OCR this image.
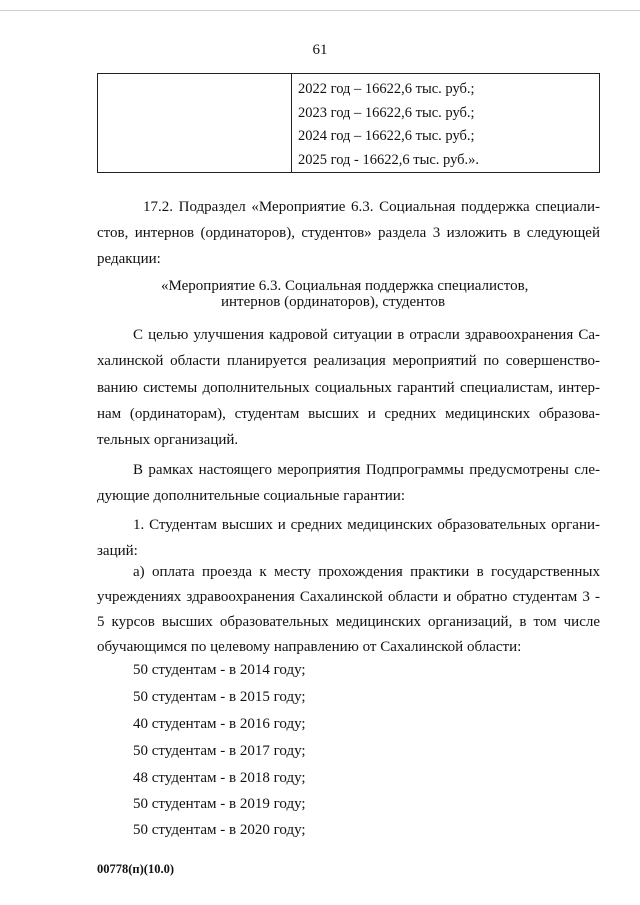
61

2022 год – 16622,6 тыс. руб.;
2023 год – 16622,6 тыс. руб.;
2024 год – 16622,6 тыс. руб.;
2025 год - 16622,6 тыс. руб.».
17.2. Подраздел «Мероприятие 6.3. Социальная поддержка специали-
стов, интернов (ординаторов), студентов» раздела 3 изложить в следующей
редакции:
«Мероприятие 6.3. Социальная поддержка специалистов,
интернов (ординаторов), студентов
С целью улучшения кадровой ситуации в отрасли здравоохранения Са-
халинской области планируется реализация мероприятий по совершенство-
ванию системы дополнительных социальных гарантий специалистам, интер-
нам (ординаторам), студентам высших и средних медицинских образова-
тельных организаций.
В рамках настоящего мероприятия Подпрограммы предусмотрены сле-
дующие дополнительные социальные гарантии:
1. Студентам высших и средних медицинских образовательных органи-
заций:
а) оплата проезда к месту прохождения практики в государственных
учреждениях здравоохранения Сахалинской области и обратно студентам 3 -
5 курсов высших образовательных медицинских организаций, в том числе
обучающимся по целевому направлению от Сахалинской области:
50 студентам - в 2014 году;
50 студентам - в 2015 году;
40 студентам - в 2016 году;
50 студентам - в 2017 году;
48 студентам - в 2018 году;
50 студентам - в 2019 году;
50 студентам - в 2020 году;
00778(п)(10.0)
